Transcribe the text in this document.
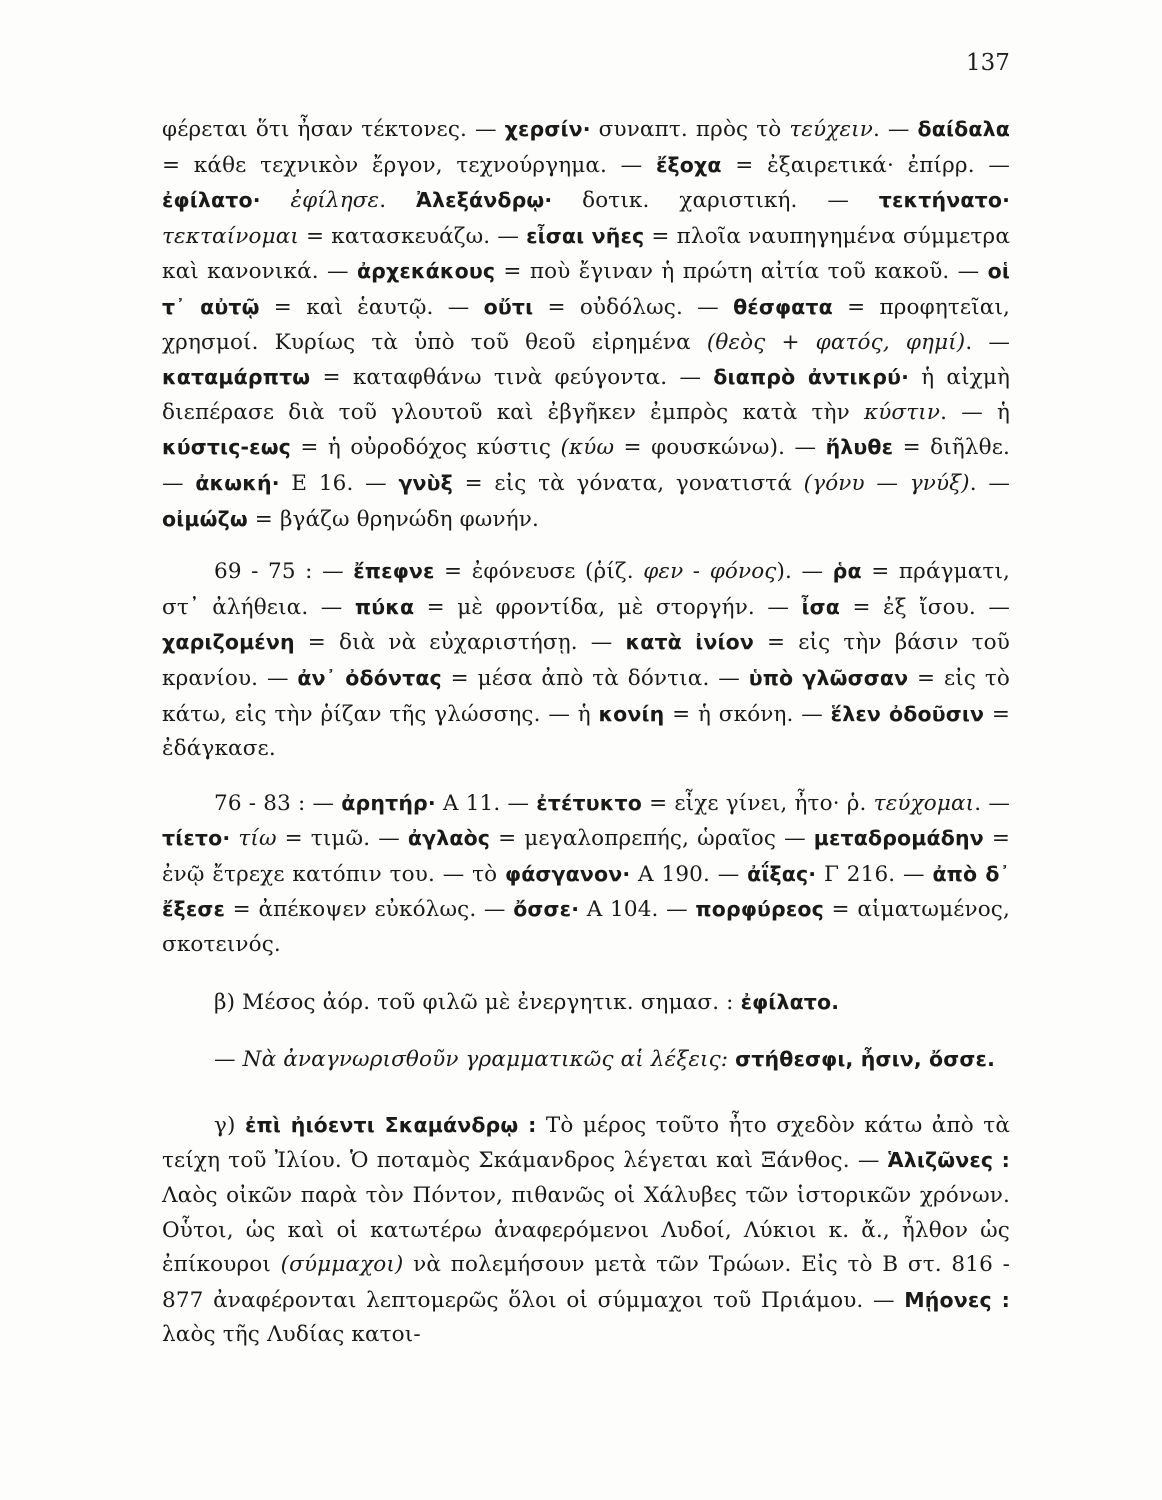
137

φέρεται ὅτι ἦσαν τέκτονες. — χερσίν· συναπτ. πρὸς τὸ τεύχειν. — δαίδαλα = κάθε τεχνικὸν ἔργον, τεχνούργημα. — ἔξοχα = ἐξαιρετικά· ἐπίρρ. — ἐφίλατο· ἐφίλησε. Ἀλεξάνδρῳ· δοτικ. χαριστική. — τεκτήνατο· τεκταίνομαι = κατασκευάζω. — εἶσαι νῆες = πλοῖα ναυπηγημένα σύμμετρα καὶ κανονικά. — ἀρχεκάκους = ποὺ ἔγιναν ἡ πρώτη αἰτία τοῦ κακοῦ. — οἱ τ᾽ αὐτῷ = καὶ ἑαυτῷ. — οὔτι = οὐδόλως. — θέσφατα = προφητεῖαι, χρησμοί. Κυρίως τὰ ὑπὸ τοῦ θεοῦ εἰρημένα (θεὸς + φατός, φημί). — καταμάρπτω = καταφθάνω τινὰ φεύγοντα. — διαπρὸ ἀντικρύ· ἡ αἰχμὴ διεπέρασε διὰ τοῦ γλουτοῦ καὶ ἐβγῆκεν ἐμπρὸς κατὰ τὴν κύστιν. — ἡ κύστις-εως = ἡ οὐροδόχος κύστις (κύω = φουσκώνω). — ἤλυθε = διῆλθε. — ἀκωκή· Ε 16. — γνὺξ = εἰς τὰ γόνατα, γονατιστά (γόνυ — γνύξ). — οἰμώζω = βγάζω θρηνώδη φωνήν.

69 - 75 : — ἔπεφνε = ἐφόνευσε (ῥίζ. φεν - φόνος). — ῥα = πράγματι, στ᾽ ἀλήθεια. — πύκα = μὲ φροντίδα, μὲ στοργήν. — ἶσα = ἐξ ἴσου. — χαριζομένη = διὰ νὰ εὐχαριστήσῃ. — κατὰ ἰνίον = εἰς τὴν βάσιν τοῦ κρανίου. — ἀν᾽ ὀδόντας = μέσα ἀπὸ τὰ δόντια. — ὑπὸ γλῶσσαν = εἰς τὸ κάτω, εἰς τὴν ῥίζαν τῆς γλώσσης. — ἡ κονίη = ἡ σκόνη. — ἕλεν ὀδοῦσιν = ἐδάγκασε.

76 - 83 : — ἀρητήρ· Α 11. — ἐτέτυκτο = εἶχε γίνει, ἦτο· ῥ. τεύχομαι. — τίετο· τίω = τιμῶ. — ἀγλαὸς = μεγαλοπρεπής, ὡραῖος — μεταδρομάδην = ἐνῷ ἔτρεχε κατόπιν του. — τὸ φάσγανον· Α 190. — ἀΐξας· Γ 216. — ἀπὸ δ᾽ ἔξεσε = ἀπέκοψεν εὐκόλως. — ὄσσε· Α 104. — πορφύρεος = αἱματωμένος, σκοτεινός.

β) Μέσος ἀόρ. τοῦ φιλῶ μὲ ἐνεργητικ. σημασ. : ἐφίλατο.

— Νὰ ἀναγνωρισθοῦν γραμματικῶς αἱ λέξεις: στήθεσφι, ἦσιν, ὄσσε.

γ) ἐπὶ ἠιόεντι Σκαμάνδρῳ : Τὸ μέρος τοῦτο ἦτο σχεδὸν κάτω ἀπὸ τὰ τείχη τοῦ Ἰλίου. Ὁ ποταμὸς Σκάμανδρος λέγεται καὶ Ξάνθος. — Ἁλιζῶνες : Λαὸς οἰκῶν παρὰ τὸν Πόντον, πιθανῶς οἱ Χάλυβες τῶν ἱστορικῶν χρόνων. Οὗτοι, ὡς καὶ οἱ κατωτέρω ἀναφερόμενοι Λυδοί, Λύκιοι κ. ἄ., ἦλθον ὡς ἐπίκουροι (σύμμαχοι) νὰ πολεμήσουν μετὰ τῶν Τρώων. Εἰς τὸ Β στ. 816 - 877 ἀναφέρονται λεπτομερῶς ὅλοι οἱ σύμμαχοι τοῦ Πριάμου. — Μῄονες : λαὸς τῆς Λυδίας κατοι-
